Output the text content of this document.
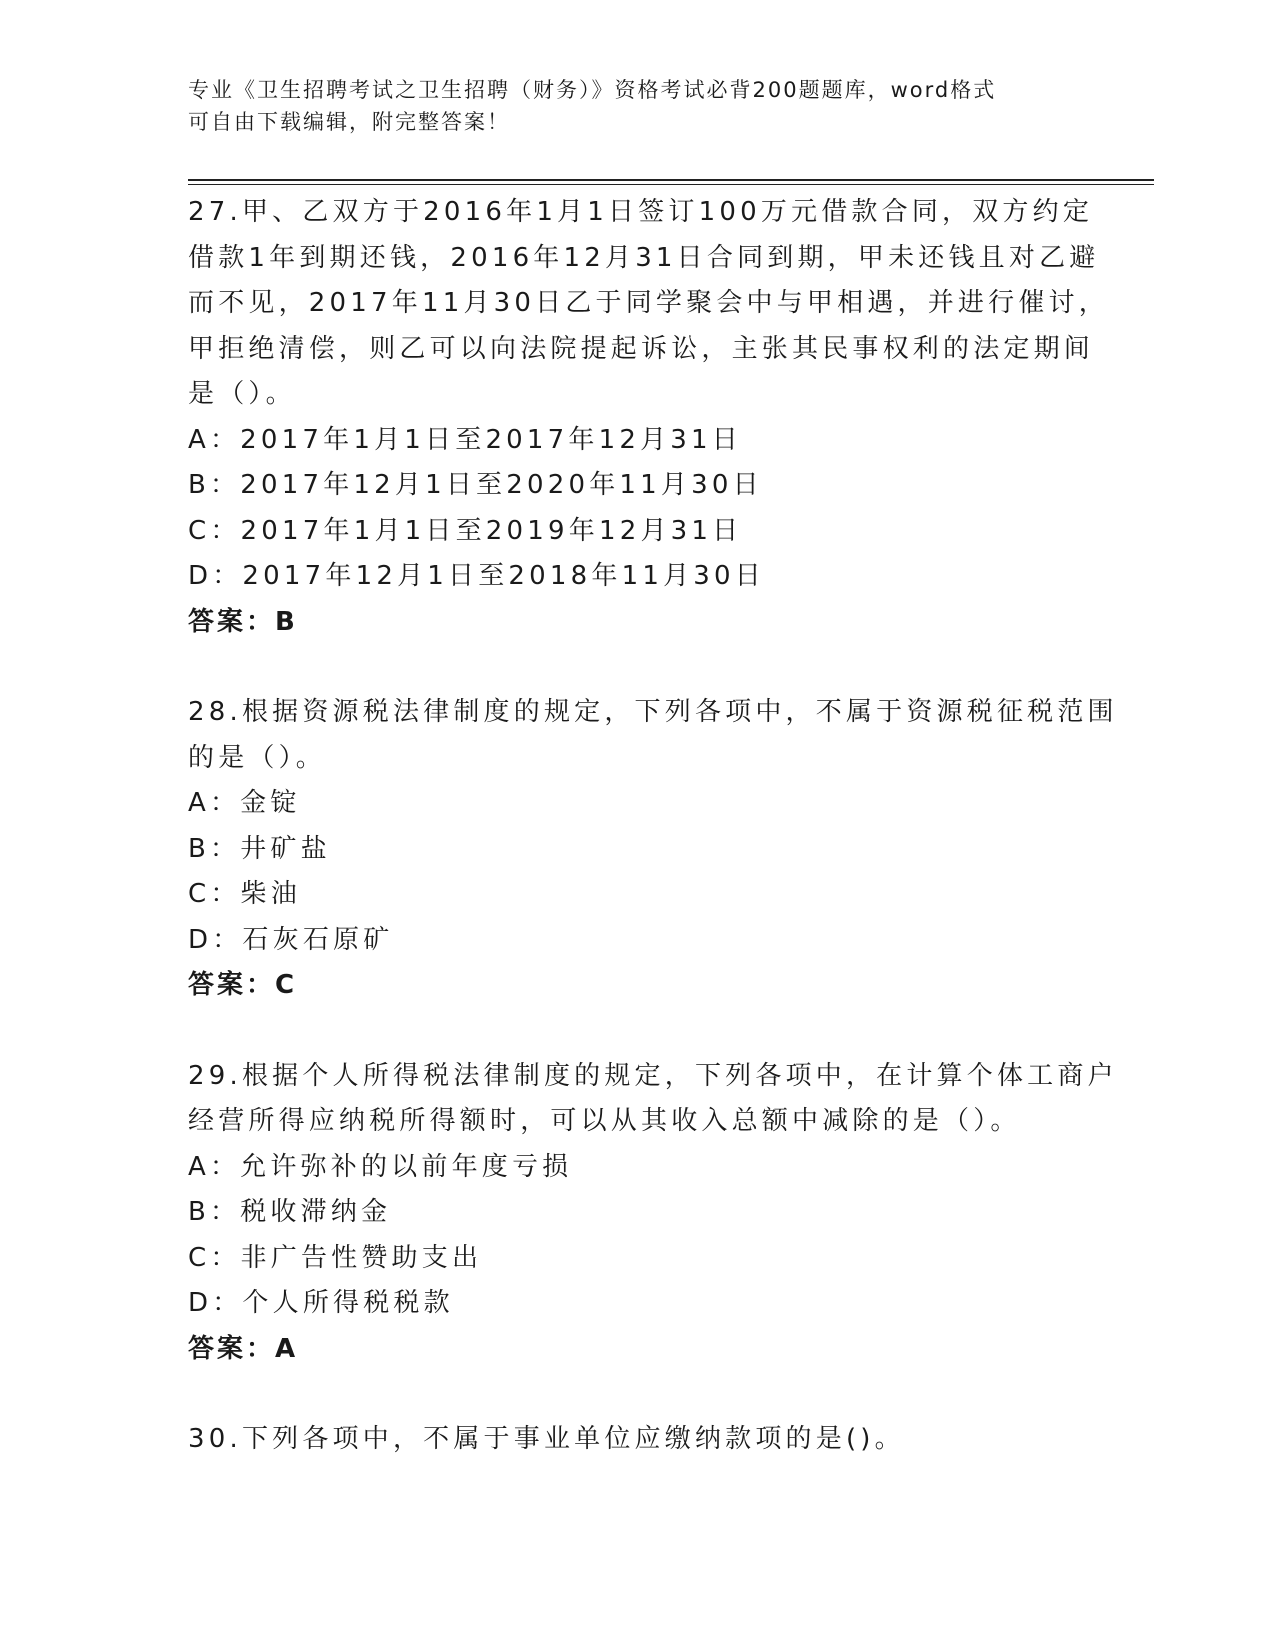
专业《卫生招聘考试之卫生招聘（财务）》资格考试必背200题题库，word格式
可自由下载编辑，附完整答案！
27.甲、乙双方于2016年1月1日签订100万元借款合同，双方约定
借款1年到期还钱，2016年12月31日合同到期，甲未还钱且对乙避
而不见，2017年11月30日乙于同学聚会中与甲相遇，并进行催讨，
甲拒绝清偿，则乙可以向法院提起诉讼，主张其民事权利的法定期间
是（）。
A：2017年1月1日至2017年12月31日
B：2017年12月1日至2020年11月30日
C：2017年1月1日至2019年12月31日
D：2017年12月1日至2018年11月30日
答案：B
28.根据资源税法律制度的规定，下列各项中，不属于资源税征税范围
的是（）。
A：金锭
B：井矿盐
C：柴油
D：石灰石原矿
答案：C
29.根据个人所得税法律制度的规定，下列各项中，在计算个体工商户
经营所得应纳税所得额时，可以从其收入总额中减除的是（）。
A：允许弥补的以前年度亏损
B：税收滞纳金
C：非广告性赞助支出
D：个人所得税税款
答案：A
30.下列各项中，不属于事业单位应缴纳款项的是()。
